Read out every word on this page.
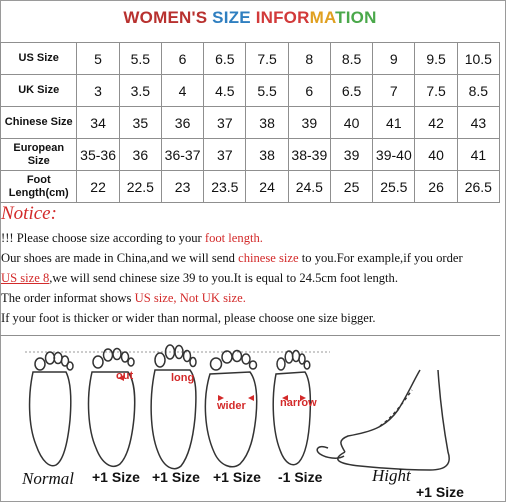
WOMEN'S SIZE INFORMATION
US Size	5	5.5	6	6.5	7.5	8	8.5	9	9.5	10.5
UK Size	3	3.5	4	4.5	5.5	6	6.5	7	7.5	8.5
Chinese Size	34	35	36	37	38	39	40	41	42	43
European Size	35-36	36	36-37	37	38	38-39	39	39-40	40	41
Foot Length(cm)	22	22.5	23	23.5	24	24.5	25	25.5	26	26.5
Notice:
!!! Please choose size according to your foot length.
Our shoes are made in China,and we will send chinese size to you.For example,if you order
US size 8,we will send chinese size 39 to you.It is equal to 24.5cm foot length.
The order informat shows US size, Not UK size.
If your foot is thicker or wider than normal, please choose one size bigger.
out	long
wider	narrow
Normal +1 Size +1 Size +1 Size -1 Size	Hight
+1 Size
